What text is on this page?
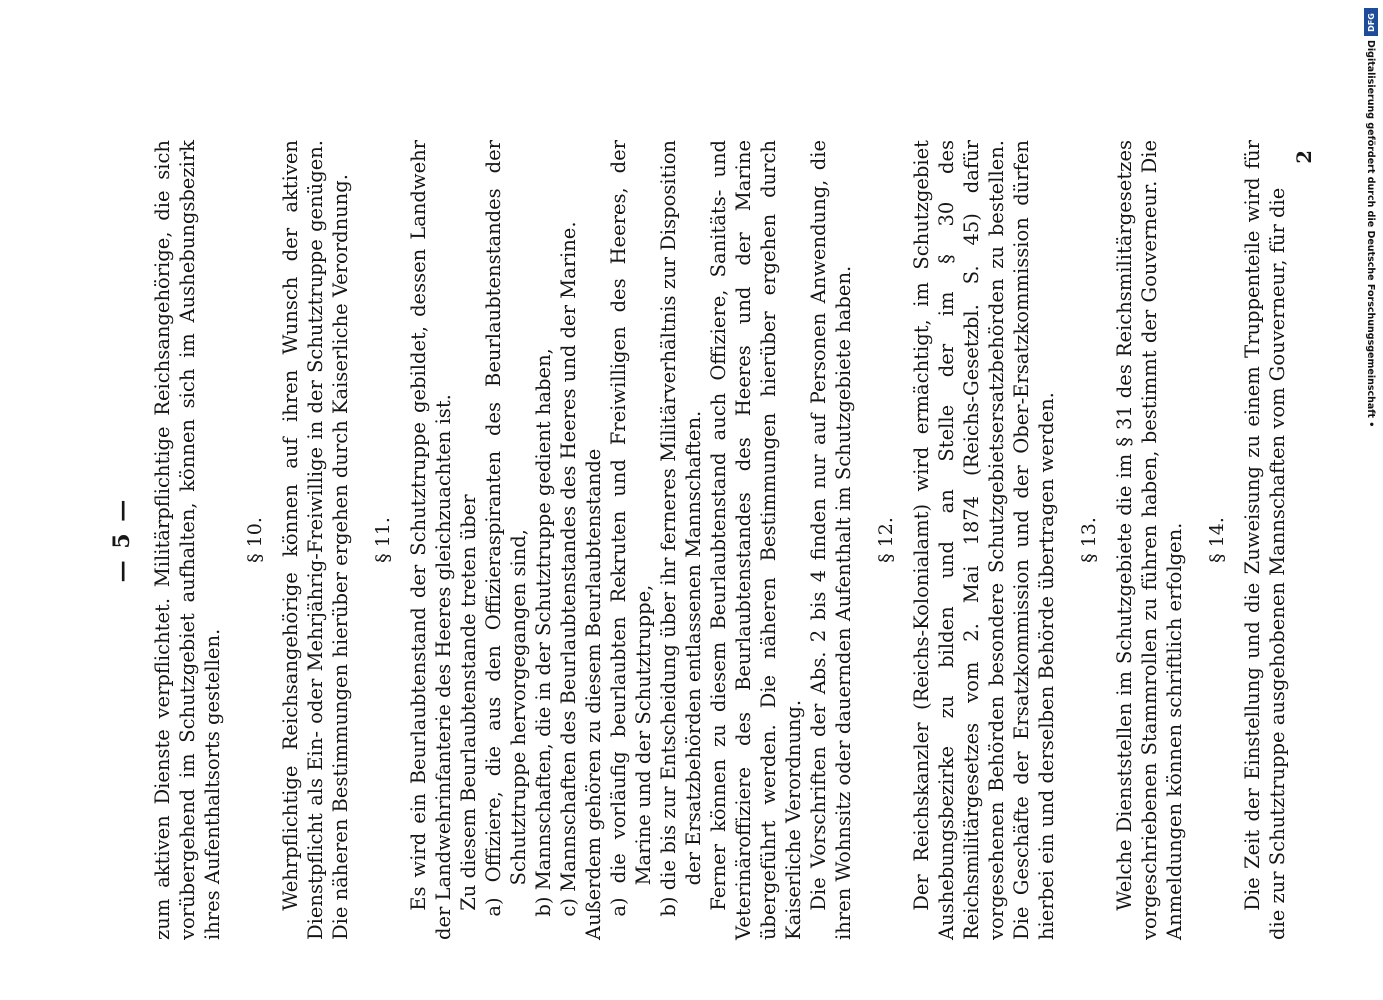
— 5 — zum aktiven Dienste verpflichtet. Militärpflichtige Reichsangehörige, die sich vorübergehend im Schutzgebiet aufhalten, können sich im Aushebungsbezirk ihres Aufenthaltsorts gestellen.

§ 10. Wehrpflichtige Reichsangehörige können auf ihren Wunsch der aktiven Dienstpflicht als Ein- oder Mehrjährig-Freiwillige in der Schutztruppe genügen. Die näheren Bestimmungen hierüber ergehen durch Kaiserliche Verordnung. § 11. Es wird ein Beurlaubtenstand der Schutztruppe gebildet, dessen Landwehr der Landwehrinfanterie des Heeres gleichzuachten ist. Zu diesem Beurlaubtenstande treten über a) Offiziere, die aus den Offizieraspiranten des Beurlaubtenstandes der Schutztruppe hervorgegangen sind, b) Mannschaften, die in der Schutztruppe gedient haben, c) Mannschaften des Beurlaubtenstandes des Heeres und der Marine. Außerdem gehören zu diesem Beurlaubtenstande a) die vorläufig beurlaubten Rekruten und Freiwilligen des Heeres, der Marine und der Schutztruppe, b) die bis zur Entscheidung über ihr ferneres Militärverhältnis zur Disposition der Ersatzbehörden entlassenen Mannschaften. Ferner können zu diesem Beurlaubtenstand auch Offiziere, Sanitäts- und Veterinäroffiziere des Beurlaubtenstandes des Heeres und der Marine übergeführt werden. Die näheren Bestimmungen hierüber ergehen durch Kaiserliche Verordnung. Die Vorschriften der Abs. 2 bis 4 finden nur auf Personen Anwendung, die ihren Wohnsitz oder dauernden Aufenthalt im Schutzgebiete haben. § 12. Der Reichskanzler (Reichs-Kolonialamt) wird ermächtigt, im Schutzgebiet Aushebungsbezirke zu bilden und an Stelle der im § 30 des Reichsmilitärgesetzes vom 2. Mai 1874 (Reichs-Gesetzbl. S. 45) dafür vorgesehenen Behörden besondere Schutzgebietsersatzbehörden zu bestellen. Die Geschäfte der Ersatzkommission und der Ober-Ersatzkommission dürfen hierbei ein und derselben Behörde übertragen werden. § 13. Welche Dienststellen im Schutzgebiete die im § 31 des Reichsmilitärgesetzes vorgeschriebenen Stammrollen zu führen haben, bestimmt der Gouverneur. Die Anmeldungen können schriftlich erfolgen. § 14. Die Zeit der Einstellung und die Zuweisung zu einem Truppenteile wird für die zur Schutztruppe ausgehobenen Mannschaften vom Gouverneur, für die

2
DFG
Digitalisierung gefördert durch die Deutsche Forschungsgemeinschaft •
